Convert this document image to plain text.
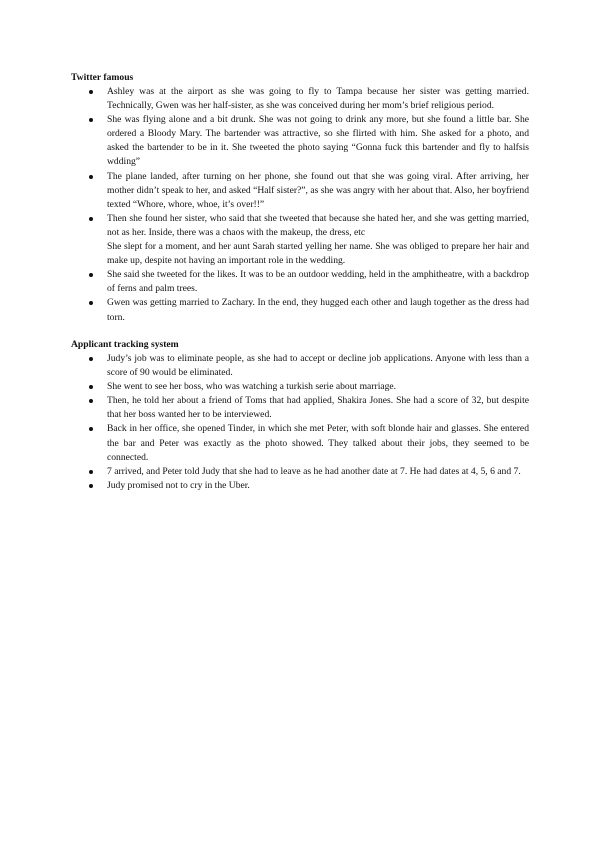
Twitter famous

Ashley was at the airport as she was going to fly to Tampa because her sister was getting married. Technically, Gwen was her half-sister, as she was conceived during her mom’s brief religious period.
She was flying alone and a bit drunk. She was not going to drink any more, but she found a little bar. She ordered a Bloody Mary. The bartender was attractive, so she flirted with him. She asked for a photo, and asked the bartender to be in it. She tweeted the photo saying “Gonna fuck this bartender and fly to halfsis wdding”
The plane landed, after turning on her phone, she found out that she was going viral. After arriving, her mother didn’t speak to her, and asked “Half sister?”, as she was angry with her about that. Also, her boyfriend texted “Whore, whore, whoe, it’s over!!”
Then she found her sister, who said that she tweeted that because she hated her, and she was getting married, not as her. Inside, there was a chaos with the makeup, the dress, etc
She slept for a moment, and her aunt Sarah started yelling her name. She was obliged to prepare her hair and make up, despite not having an important role in the wedding.
She said she tweeted for the likes. It was to be an outdoor wedding, held in the amphitheatre, with a backdrop of ferns and palm trees.
Gwen was getting married to Zachary. In the end, they hugged each other and laugh together as the dress had torn.

Applicant tracking system

Judy’s job was to eliminate people, as she had to accept or decline job applications. Anyone with less than a score of 90 would be eliminated.
She went to see her boss, who was watching a turkish serie about marriage.
Then, he told her about a friend of Toms that had applied, Shakira Jones. She had a score of 32, but despite that her boss wanted her to be interviewed.
Back in her office, she opened Tinder, in which she met Peter, with soft blonde hair and glasses. She entered the bar and Peter was exactly as the photo showed. They talked about their jobs, they seemed to be connected.
7 arrived, and Peter told Judy that she had to leave as he had another date at 7. He had dates at 4, 5, 6 and 7.
Judy promised not to cry in the Uber.
